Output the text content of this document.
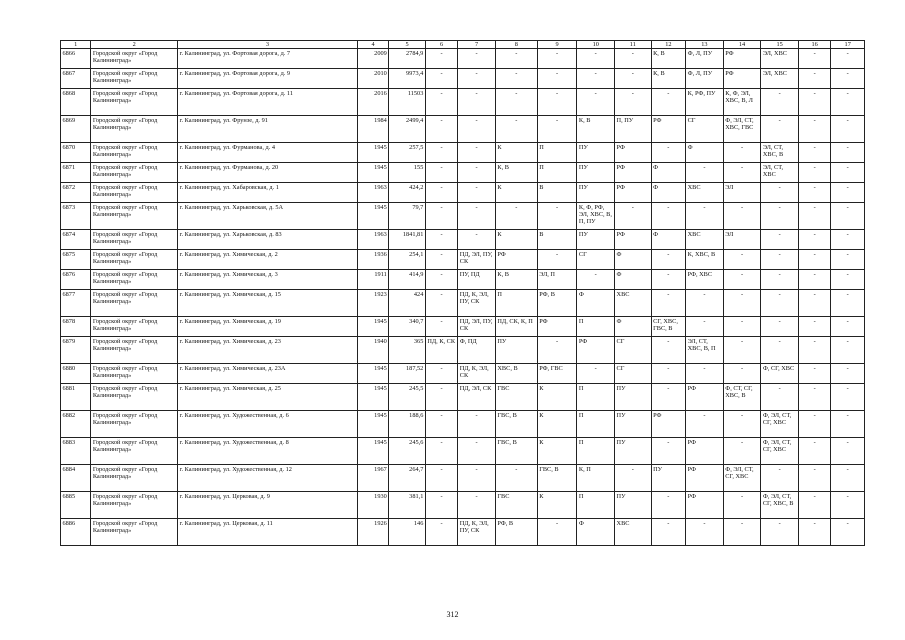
1	2	3	4	5	6	7	8	9	10	11	12	13	14	15	16	17
6866	Городской округ «Город Калининград»	г. Калининград, ул. Фортовая дорога, д. 7	2009	2784,9	-	-	-	-	-	-	К, В	Ф, Л, ПУ	РФ	ЭЛ, ХВС	-	-
6867	Городской округ «Город Калининград»	г. Калининград, ул. Фортовая дорога, д. 9	2010	9973,4	-	-	-	-	-	-	К, В	Ф, Л, ПУ	РФ	ЭЛ, ХВС	-	-
6868	Городской округ «Город Калининград»	г. Калининград, ул. Фортовая дорога, д. 11	2016	11503	-	-	-	-	-	-	-	К, РФ, ПУ	К, Ф, ЭЛ, ХВС, В, Л	-	-	-
6869	Городской округ «Город Калининград»	г. Калининград, ул. Фрунзе, д. 91	1984	2499,4	-	-	-	-	К, В	П, ПУ	РФ	СГ	Ф, ЭЛ, СТ, ХВС, ГВС	-	-	-
6870	Городской округ «Город Калининград»	г. Калининград, ул. Фурманова, д. 4	1945	257,5	-	-	К	П	ПУ	РФ	-	Ф	-	ЭЛ, СТ, ХВС, В	-	-
6871	Городской округ «Город Калининград»	г. Калининград, ул. Фурманова, д. 20	1945	155	-	-	К, В	П	ПУ	РФ	Ф	-	-	ЭЛ, СТ, ХВС	-	-
6872	Городской округ «Город Калининград»	г. Калининград, ул. Хабаровская, д. 1	1963	424,2	-	-	К	В	ПУ	РФ	Ф	ХВС	ЭЛ	-	-	-
6873	Городской округ «Город Калининград»	г. Калининград, ул. Харьковская, д. 5А	1945	79,7	-	-	-	-	К, Ф, РФ, ЭЛ, ХВС, В, П, ПУ	-	-	-	-	-	-	-
6874	Городской округ «Город Калининград»	г. Калининград, ул. Харьковская, д. 83	1963	1841,81	-	-	К	В	ПУ	РФ	Ф	ХВС	ЭЛ	-	-	-
6875	Городской округ «Город Калининград»	г. Калининград, ул. Химическая, д. 2	1936	254,1	-	ПД, ЭЛ, ПУ, СК	РФ	-	СГ	Ф	-	К, ХВС, В	-	-	-	-
6876	Городской округ «Город Калининград»	г. Калининград, ул. Химическая, д. 3	1911	414,9	-	ПУ, ПД	К, В	ЭЛ, П	-	Ф	-	РФ, ХВС	-	-	-	-
6877	Городской округ «Город Калининград»	г. Калининград, ул. Химическая, д. 15	1923	424	-	ПД, К, ЭЛ, ПУ, СК	П	РФ, В	Ф	ХВС	-	-	-	-	-	-
6878	Городской округ «Город Калининград»	г. Калининград, ул. Химическая, д. 19	1945	340,7	-	ПД, ЭЛ, ПУ, СК	ПД, СК, К, П	РФ	П	Ф	СГ, ХВС, ГВС, В	-	-	-	-	-
6879	Городской округ «Город Калининград»	г. Калининград, ул. Химическая, д. 23	1940	365	ПД, К, СК	Ф, ПД	ПУ	-	РФ	СГ	-	ЭЛ, СТ, ХВС, В, П	-	-	-	-
6880	Городской округ «Город Калининград»	г. Калининград, ул. Химическая, д. 23А	1945	187,52	-	ПД, К, ЭЛ, СК	ХВС, В	РФ, ГВС	-	СГ	-	-	-	Ф, СГ, ХВС	-	-
6881	Городской округ «Город Калининград»	г. Калининград, ул. Химическая, д. 25	1945	245,5	-	ПД, ЭЛ, СК	ГВС	К	П	ПУ	-	РФ	Ф, СТ, СГ, ХВС, В	-	-	-
6882	Городской округ «Город Калининград»	г. Калининград, ул. Художественная, д. 6	1945	188,6	-	-	ГВС, В	К	П	ПУ	РФ	-	-	Ф, ЭЛ, СТ, СГ, ХВС	-	-
6883	Городской округ «Город Калининград»	г. Калининград, ул. Художественная, д. 8	1945	245,6	-	-	ГВС, В	К	П	ПУ	-	РФ	-	Ф, ЭЛ, СТ, СГ, ХВС	-	-
6884	Городской округ «Город Калининград»	г. Калининград, ул. Художественная, д. 12	1967	264,7	-	-	-	ГВС, В	К, П	-	ПУ	РФ	Ф, ЭЛ, СТ, СГ, ХВС	-	-	-
6885	Городской округ «Город Калининград»	г. Калининград, ул. Церковая, д. 9	1930	381,1	-	-	ГВС	К	П	ПУ	-	РФ	-	Ф, ЭЛ, СТ, СГ, ХВС, В	-	-
6886	Городской округ «Город Калининград»	г. Калининград, ул. Церковая, д. 11	1926	146	-	ПД, К, ЭЛ, ПУ, СК	РФ, В	-	Ф	ХВС	-	-	-	-	-	-
312
